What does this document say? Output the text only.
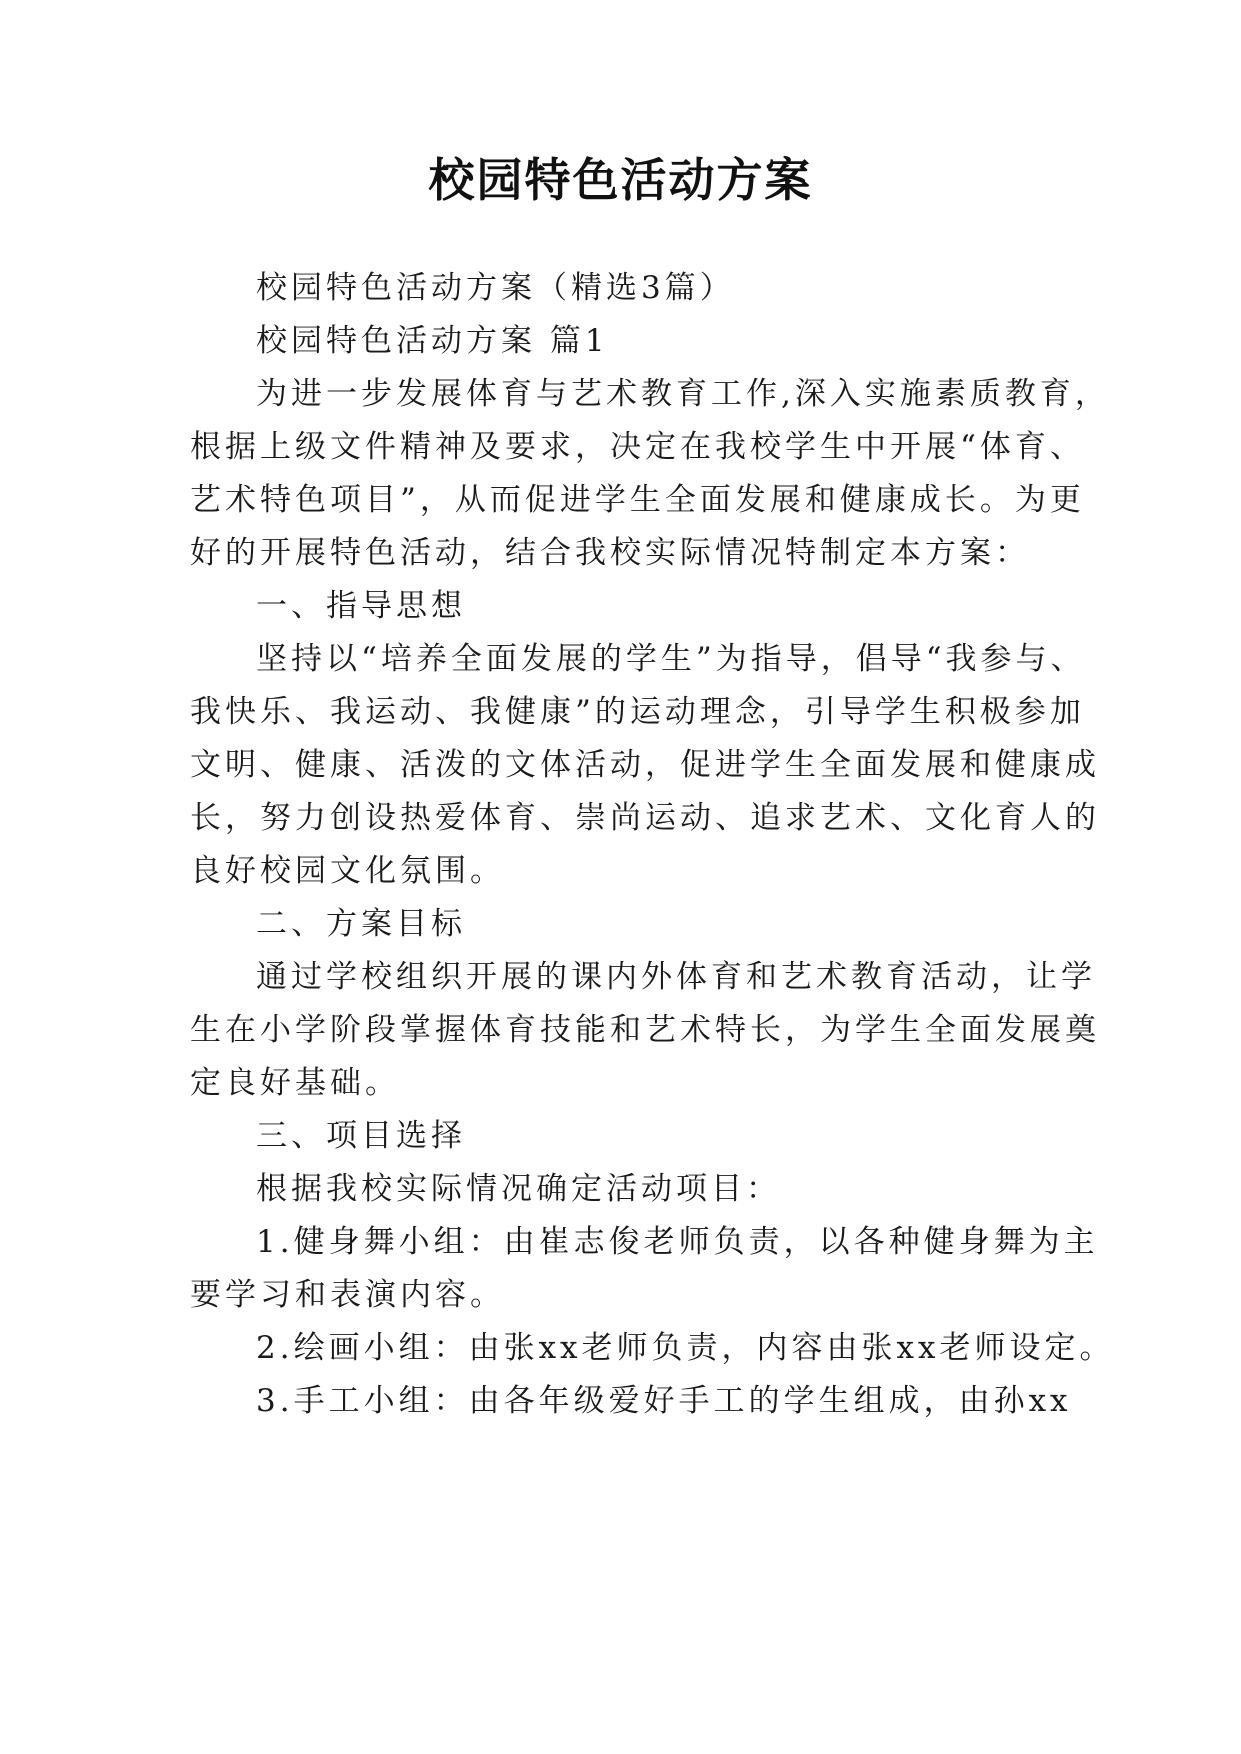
校园特色活动方案
校园特色活动方案（精选3篇）
校园特色活动方案 篇1
为进一步发展体育与艺术教育工作,深入实施素质教育，
根据上级文件精神及要求，决定在我校学生中开展“体育、
艺术特色项目”，从而促进学生全面发展和健康成长。为更
好的开展特色活动，结合我校实际情况特制定本方案：
一、指导思想
坚持以“培养全面发展的学生”为指导，倡导“我参与、
我快乐、我运动、我健康”的运动理念，引导学生积极参加
文明、健康、活泼的文体活动，促进学生全面发展和健康成
长，努力创设热爱体育、崇尚运动、追求艺术、文化育人的
良好校园文化氛围。
二、方案目标
通过学校组织开展的课内外体育和艺术教育活动，让学
生在小学阶段掌握体育技能和艺术特长，为学生全面发展奠
定良好基础。
三、项目选择
根据我校实际情况确定活动项目：
1.健身舞小组：由崔志俊老师负责，以各种健身舞为主
要学习和表演内容。
2.绘画小组：由张xx老师负责，内容由张xx老师设定。
3.手工小组：由各年级爱好手工的学生组成，由孙xx
